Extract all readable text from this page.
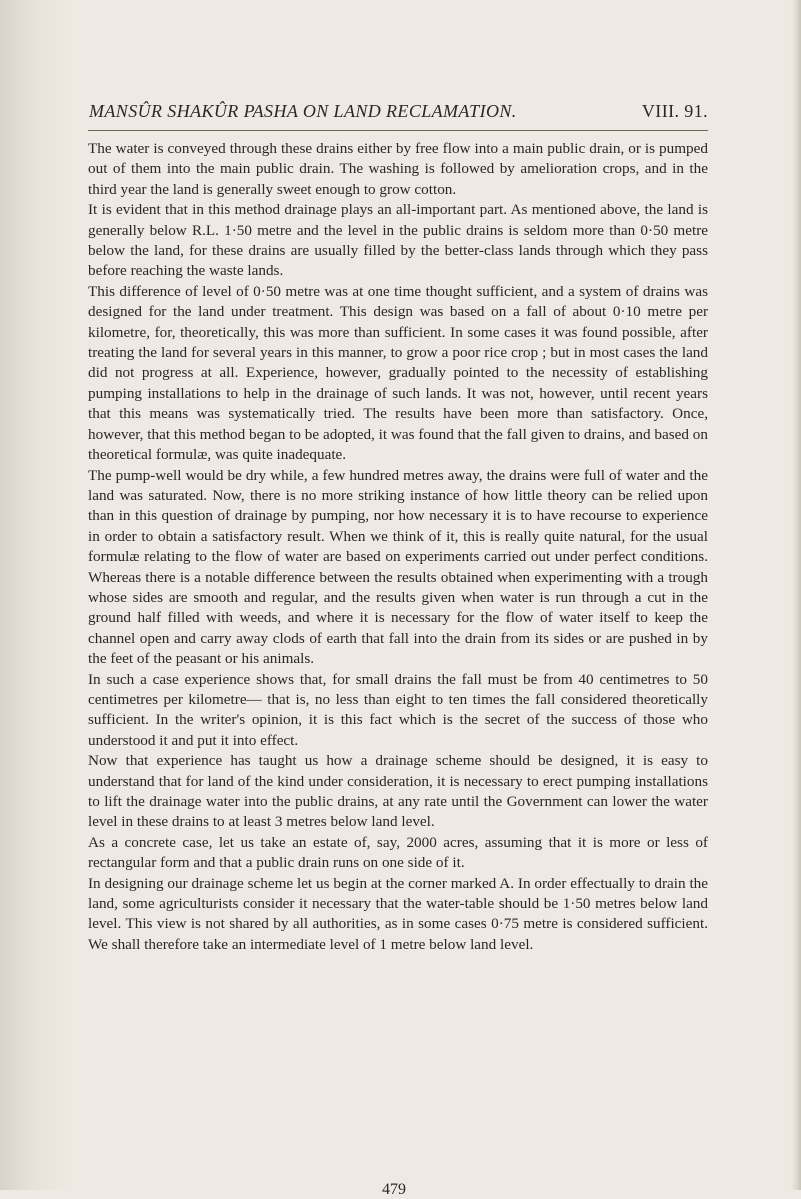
MANSÛR SHAKÛR PASHA ON LAND RECLAMATION.	VIII. 91.

The water is conveyed through these drains either by free flow into a main public drain, or is pumped out of them into the main public drain. The washing is followed by amelioration crops, and in the third year the land is generally sweet enough to grow cotton.

It is evident that in this method drainage plays an all-important part. As mentioned above, the land is generally below R.L. 1·50 metre and the level in the public drains is seldom more than 0·50 metre below the land, for these drains are usually filled by the better-class lands through which they pass before reaching the waste lands.

This difference of level of 0·50 metre was at one time thought sufficient, and a system of drains was designed for the land under treatment. This design was based on a fall of about 0·10 metre per kilometre, for, theoretically, this was more than sufficient. In some cases it was found possible, after treating the land for several years in this manner, to grow a poor rice crop ; but in most cases the land did not progress at all. Experience, however, gradually pointed to the necessity of establishing pumping installations to help in the drainage of such lands. It was not, however, until recent years that this means was systematically tried. The results have been more than satisfactory. Once, however, that this method began to be adopted, it was found that the fall given to drains, and based on theoretical formulæ, was quite inadequate.

The pump-well would be dry while, a few hundred metres away, the drains were full of water and the land was saturated. Now, there is no more striking instance of how little theory can be relied upon than in this question of drainage by pumping, nor how necessary it is to have recourse to experience in order to obtain a satisfactory result. When we think of it, this is really quite natural, for the usual formulæ relating to the flow of water are based on experiments carried out under perfect conditions. Whereas there is a notable difference between the results obtained when experimenting with a trough whose sides are smooth and regular, and the results given when water is run through a cut in the ground half filled with weeds, and where it is necessary for the flow of water itself to keep the channel open and carry away clods of earth that fall into the drain from its sides or are pushed in by the feet of the peasant or his animals.

In such a case experience shows that, for small drains the fall must be from 40 centimetres to 50 centimetres per kilometre— that is, no less than eight to ten times the fall considered theoretically sufficient. In the writer's opinion, it is this fact which is the secret of the success of those who understood it and put it into effect.

Now that experience has taught us how a drainage scheme should be designed, it is easy to understand that for land of the kind under consideration, it is necessary to erect pumping installations to lift the drainage water into the public drains, at any rate until the Government can lower the water level in these drains to at least 3 metres below land level.

As a concrete case, let us take an estate of, say, 2000 acres, assuming that it is more or less of rectangular form and that a public drain runs on one side of it.

In designing our drainage scheme let us begin at the corner marked A. In order effectually to drain the land, some agriculturists consider it necessary that the water-table should be 1·50 metres below land level. This view is not shared by all authorities, as in some cases 0·75 metre is considered sufficient. We shall therefore take an intermediate level of 1 metre below land level.

479
